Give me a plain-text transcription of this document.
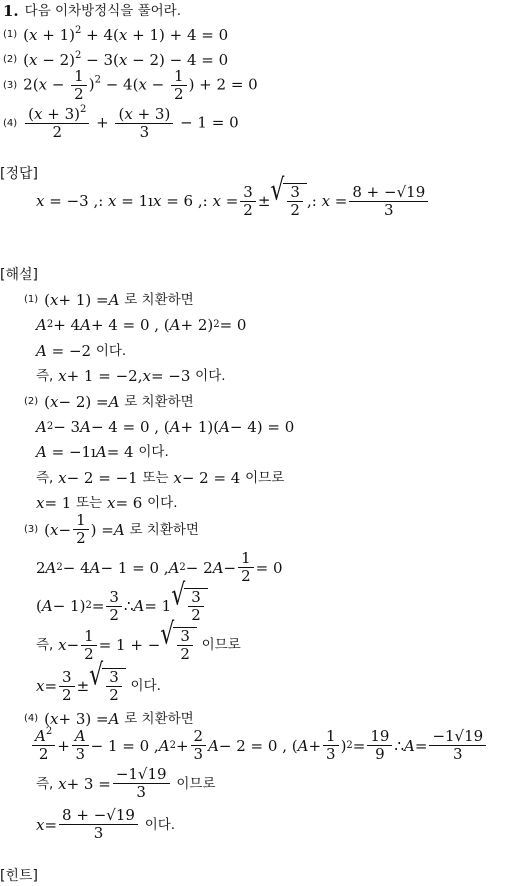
1. 다음 이차방정식을 풀어라.
(1) $(x + 1)^2 + 4(x + 1) + 4 = 0$
(2) $(x - 2)^2 - 3(x - 2) - 4 = 0$
(3) $2(x - \frac{1}{2} )^2 - 4(x - \frac{1}{2}$ ) + 2 = 0
$(4) \frac{(x + 3)^2}{2} + \frac{(x + 3)}{3} - 1 = 0$
[정답]
x = −3 ,: x = 1ı x = 6 ,: $x = \frac{3}{2}$ ± √ $\frac{3}{2}$ ,: $x = \frac{8 + -√19}{3}$
[해설]
(1) ( x + 1) = A
로 치환하면
A 2 + 4 A + 4 = 0 , ( A + 2) 2 = 0
A = −2 이다.
즉,
x + 1 = −2, x = −3 이다.
(2) ( x − 2) = A
로 치환하면
A 2 − 3 A − 4 = 0 , ( A + 1)( A − 4) = 0
A = −1ı A = 4 이다.
즉,
x − 2 = −1 또는
x − 2 = 4 이므로
x = 1 또는
x = 6 이다.
(3) ( $x - \frac{1}{2}$ ) = A
로 치환하면
2 A 2 − 4 A − 1 = 0 , A 2 − 2 $A - \frac{1}{2} = 0$
( A − 1) $2 = \frac{3}{2}$ ∴ A = 1 √ $\frac{3}{2}$
즉,
$x - \frac{1}{2} = 1$ + − √ $\frac{3}{2}$
이므로
$x = \frac{3}{2}$ ± √ $\frac{3}{2}$
이다.
(4) ( x + 3) = A
로 치환하면
$\frac{A^2}{2} + \frac{A}{3} - 1 = 0$ , A $2 + \frac{2}{3}$ A − 2 = 0 , ( $A + \frac{1}{3}$ ) $2 = \frac{19}{9}$ ∴ $A = \frac{-1√19}{3}$
즉,
$x + 3 = \frac{-1√19}{3}$
이므로
$x = \frac{8 + -√19}{3}$
이다.
[힌트]
